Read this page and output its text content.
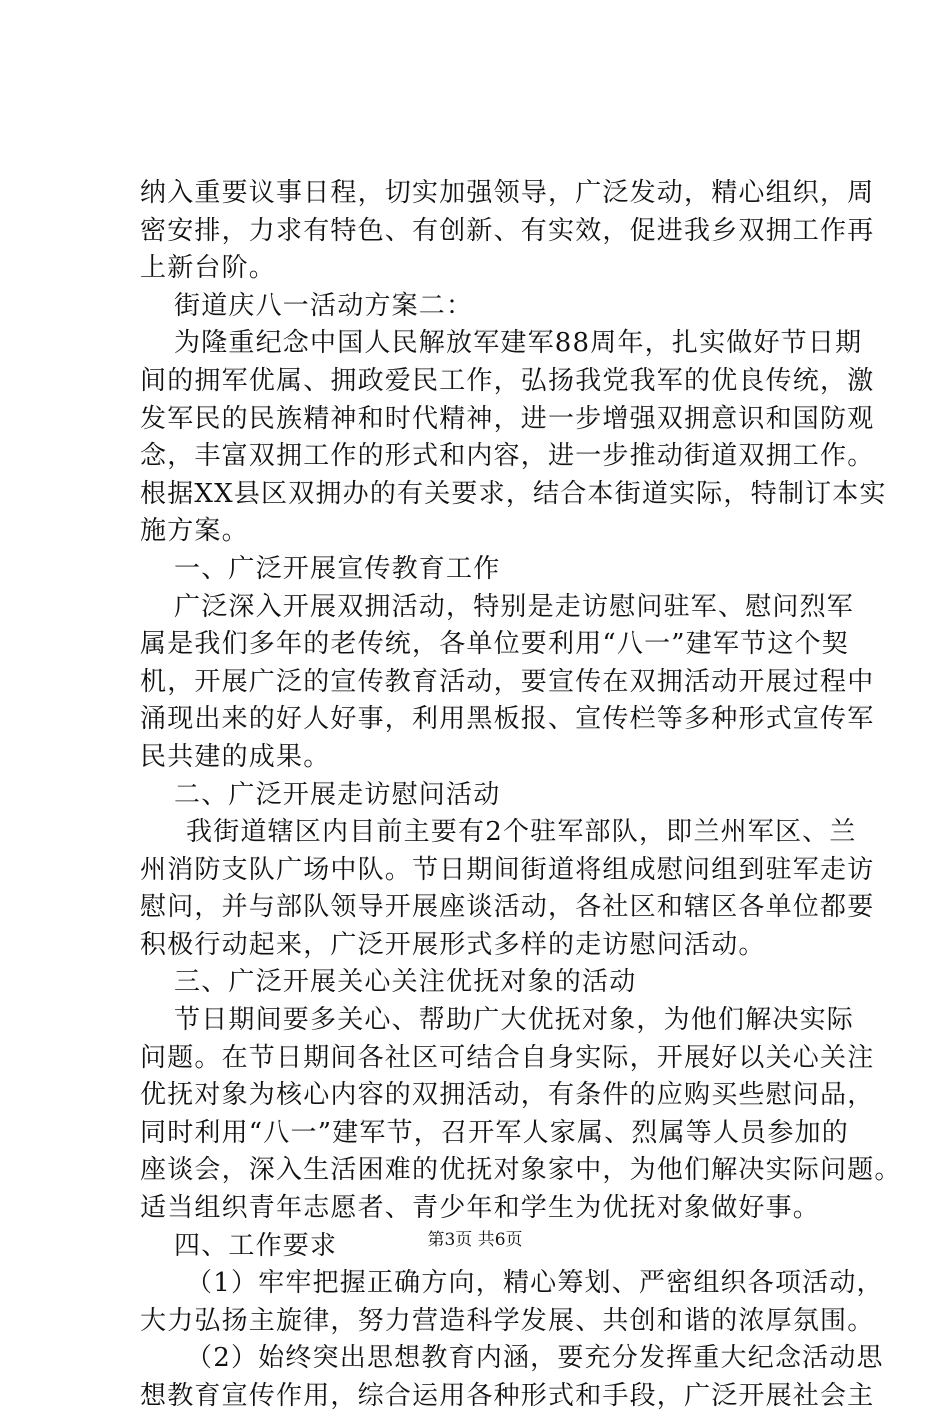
纳入重要议事日程，切实加强领导，广泛发动，精心组织，周
密安排，力求有特色、有创新、有实效，促进我乡双拥工作再
上新台阶。
街道庆八一活动方案二：
为隆重纪念中国人民解放军建军88周年，扎实做好节日期
间的拥军优属、拥政爱民工作，弘扬我党我军的优良传统，激
发军民的民族精神和时代精神，进一步增强双拥意识和国防观
念，丰富双拥工作的形式和内容，进一步推动街道双拥工作。
根据XX县区双拥办的有关要求，结合本街道实际，特制订本实
施方案。
一、广泛开展宣传教育工作
广泛深入开展双拥活动，特别是走访慰问驻军、慰问烈军
属是我们多年的老传统，各单位要利用“八一”建军节这个契
机，开展广泛的宣传教育活动，要宣传在双拥活动开展过程中
涌现出来的好人好事，利用黑板报、宣传栏等多种形式宣传军
民共建的成果。
二、广泛开展走访慰问活动
我街道辖区内目前主要有2个驻军部队，即兰州军区、兰
州消防支队广场中队。节日期间街道将组成慰问组到驻军走访
慰问，并与部队领导开展座谈活动，各社区和辖区各单位都要
积极行动起来，广泛开展形式多样的走访慰问活动。
三、广泛开展关心关注优抚对象的活动
节日期间要多关心、帮助广大优抚对象，为他们解决实际
问题。在节日期间各社区可结合自身实际，开展好以关心关注
优抚对象为核心内容的双拥活动，有条件的应购买些慰问品，
同时利用“八一”建军节，召开军人家属、烈属等人员参加的
座谈会，深入生活困难的优抚对象家中，为他们解决实际问题。
适当组织青年志愿者、青少年和学生为优抚对象做好事。
四、工作要求
（1）牢牢把握正确方向，精心筹划、严密组织各项活动，
大力弘扬主旋律，努力营造科学发展、共创和谐的浓厚氛围。
（2）始终突出思想教育内涵，要充分发挥重大纪念活动思
想教育宣传作用，综合运用各种形式和手段，广泛开展社会主
第3页 共6页
